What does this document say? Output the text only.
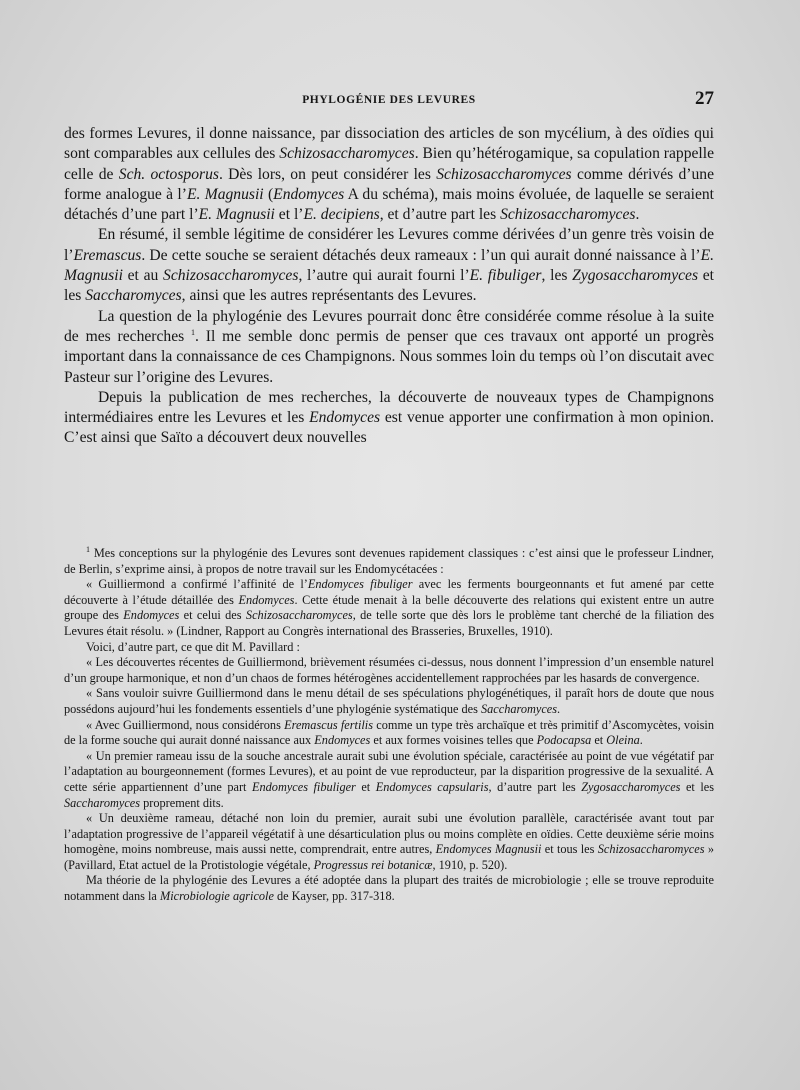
PHYLOGÉNIE DES LEVURES	27

des formes Levures, il donne naissance, par dissociation des articles de son mycélium, à des oïdies qui sont comparables aux cellules des Schizosaccharomyces. Bien qu’hétérogamique, sa copulation rappelle celle de Sch. octosporus. Dès lors, on peut considérer les Schizosaccharomyces comme dérivés d’une forme analogue à l’E. Magnusii (Endomyces A du schéma), mais moins évoluée, de laquelle se seraient détachés d’une part l’E. Magnusii et l’E. decipiens, et d’autre part les Schizosaccharomyces.

En résumé, il semble légitime de considérer les Levures comme dérivées d’un genre très voisin de l’Eremascus. De cette souche se seraient détachés deux rameaux : l’un qui aurait donné naissance à l’E. Magnusii et au Schizosaccharomyces, l’autre qui aurait fourni l’E. fibuliger, les Zygosaccharomyces et les Saccharomyces, ainsi que les autres représentants des Levures.

La question de la phylogénie des Levures pourrait donc être considérée comme résolue à la suite de mes recherches $^1$. Il me semble donc permis de penser que ces travaux ont apporté un progrès important dans la connaissance de ces Champignons. Nous sommes loin du temps où l’on discutait avec Pasteur sur l’origine des Levures.

Depuis la publication de mes recherches, la découverte de nouveaux types de Champignons intermédiaires entre les Levures et les Endomyces est venue apporter une confirmation à mon opinion. C’est ainsi que Saïto a découvert deux nouvelles

$^1$ Mes conceptions sur la phylogénie des Levures sont devenues rapidement classiques : c’est ainsi que le professeur Lindner, de Berlin, s’exprime ainsi, à propos de notre travail sur les Endomycétacées :

« Guilliermond a confirmé l’affinité de l’Endomyces fibuliger avec les ferments bourgeonnants et fut amené par cette découverte à l’étude détaillée des Endomyces. Cette étude menait à la belle découverte des relations qui existent entre un autre groupe des Endomyces et celui des Schizosaccharomyces, de telle sorte que dès lors le problème tant cherché de la filiation des Levures était résolu. » (Lindner, Rapport au Congrès international des Brasseries, Bruxelles, 1910).

Voici, d’autre part, ce que dit M. Pavillard :

« Les découvertes récentes de Guilliermond, brièvement résumées ci-dessus, nous donnent l’impression d’un ensemble naturel d’un groupe harmonique, et non d’un chaos de formes hétérogènes accidentellement rapprochées par les hasards de convergence.

« Sans vouloir suivre Guilliermond dans le menu détail de ses spéculations phylogénétiques, il paraît hors de doute que nous possédons aujourd’hui les fondements essentiels d’une phylogénie systématique des Saccharomyces.

« Avec Guilliermond, nous considérons Eremascus fertilis comme un type très archaïque et très primitif d’Ascomycètes, voisin de la forme souche qui aurait donné naissance aux Endomyces et aux formes voisines telles que Podocapsa et Oleina.

« Un premier rameau issu de la souche ancestrale aurait subi une évolution spéciale, caractérisée au point de vue végétatif par l’adaptation au bourgeonnement (formes Levures), et au point de vue reproducteur, par la disparition progressive de la sexualité. A cette série appartiennent d’une part Endomyces fibuliger et Endomyces capsularis, d’autre part les Zygosaccharomyces et les Saccharomyces proprement dits.

« Un deuxième rameau, détaché non loin du premier, aurait subi une évolution parallèle, caractérisée avant tout par l’adaptation progressive de l’appareil végétatif à une désarticulation plus ou moins complète en oïdies. Cette deuxième série moins homogène, moins nombreuse, mais aussi nette, comprendrait, entre autres, Endomyces Magnusii et tous les Schizosaccharomyces » (Pavillard, Etat actuel de la Protistologie végétale, Progressus rei botanicæ, 1910, p. 520).

Ma théorie de la phylogénie des Levures a été adoptée dans la plupart des traités de microbiologie ; elle se trouve reproduite notamment dans la Microbiologie agricole de Kayser, pp. 317-318.
